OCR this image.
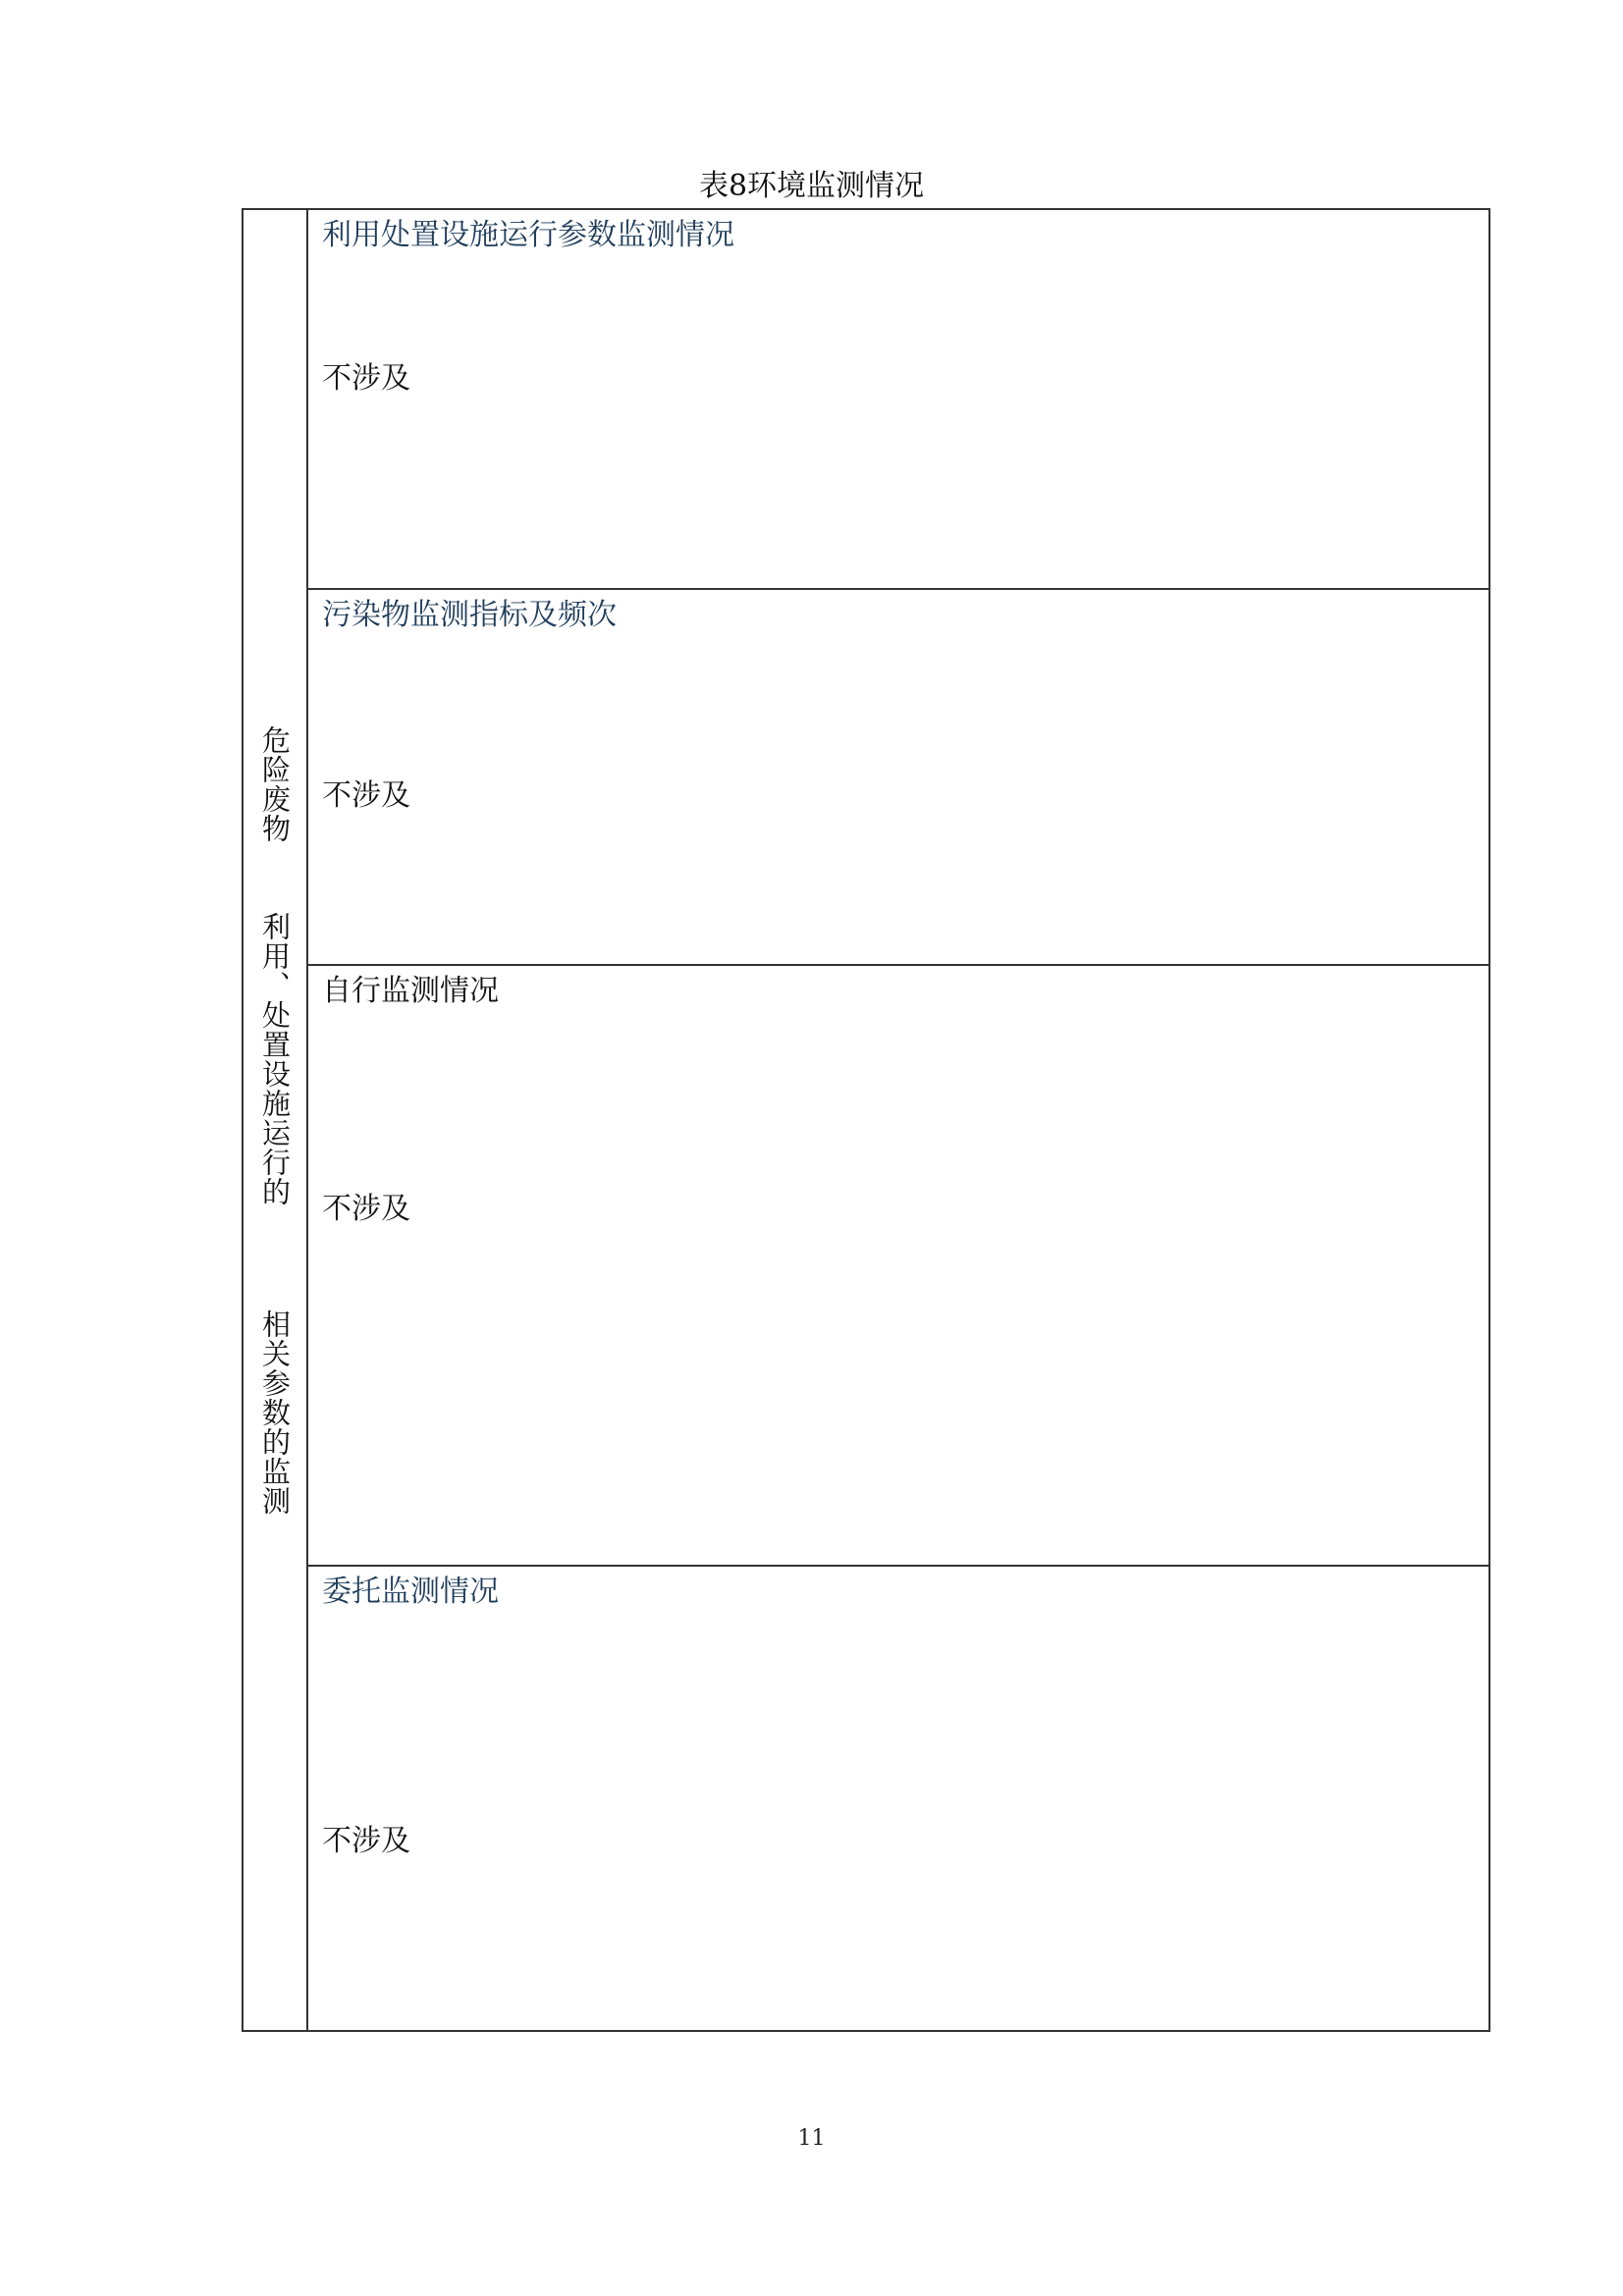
表8环境监测情况
危险废物  利用、处置设施运行的   相关参数的监测
利用处置设施运行参数监测情况
不涉及
污染物监测指标及频次
不涉及
自行监测情况
不涉及
委托监测情况
不涉及
11
